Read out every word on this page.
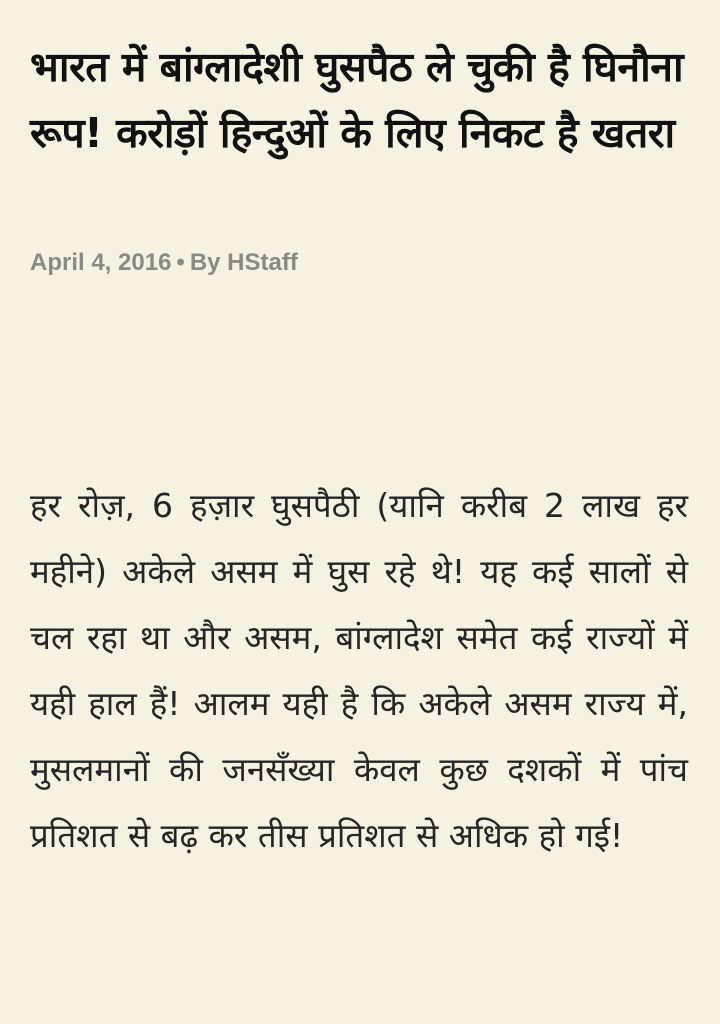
भारत में बांग्लादेशी घुसपैठ ले चुकी है घिनौना रूप! करोड़ों हिन्दुओं के लिए निकट है खतरा
April 4, 2016 • By HStaff

हर रोज़, 6 हज़ार घुसपैठी (यानि करीब 2 लाख हर महीने) अकेले असम में घुस रहे थे! यह कई सालों से चल रहा था और असम, बांग्लादेश समेत कई राज्यों में यही हाल हैं! आलम यही है कि अकेले असम राज्य में, मुसलमानों की जनसँख्या केवल कुछ दशकों में पांच प्रतिशत से बढ़ कर तीस प्रतिशत से अधिक हो गई!
